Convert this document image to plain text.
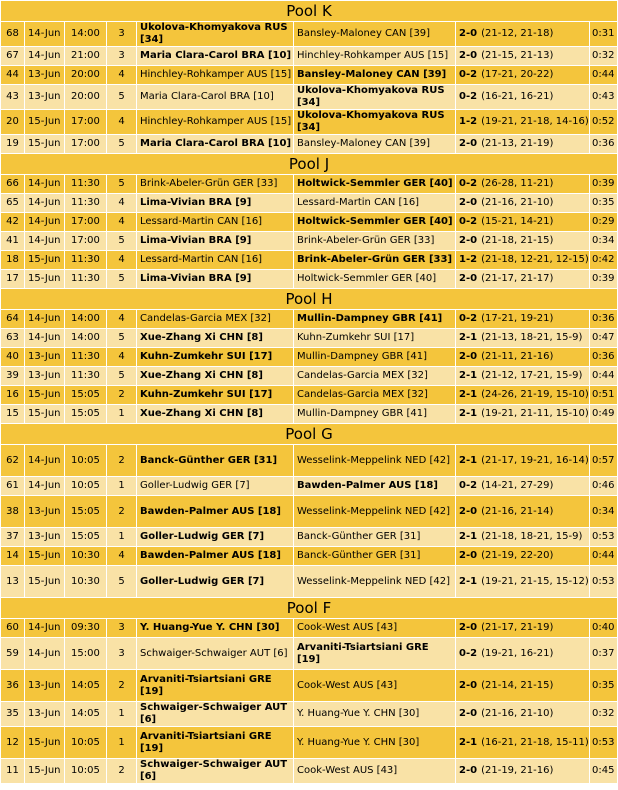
Pool K							
68	14-Jun	14:00	3	Ukolova-Khomyakova RUS [34]	Bansley-Maloney CAN [39]	2-0 (21-12, 21-18)	0:31
67	14-Jun	21:00	3	Maria Clara-Carol BRA [10]	Hinchley-Rohkamper AUS [15]	2-0 (21-15, 21-13)	0:32
44	13-Jun	20:00	4	Hinchley-Rohkamper AUS [15]	Bansley-Maloney CAN [39]	0-2 (17-21, 20-22)	0:44
43	13-Jun	20:00	5	Maria Clara-Carol BRA [10]	Ukolova-Khomyakova RUS [34]	0-2 (16-21, 16-21)	0:43
20	15-Jun	17:00	4	Hinchley-Rohkamper AUS [15]	Ukolova-Khomyakova RUS [34]	1-2 (19-21, 21-18, 14-16)	0:52
19	15-Jun	17:00	5	Maria Clara-Carol BRA [10]	Bansley-Maloney CAN [39]	2-0 (21-13, 21-19)	0:36
Pool J							
66	14-Jun	11:30	5	Brink-Abeler-Grün GER [33]	Holtwick-Semmler GER [40]	0-2 (26-28, 11-21)	0:39
65	14-Jun	11:30	4	Lima-Vivian BRA [9]	Lessard-Martin CAN [16]	2-0 (21-16, 21-10)	0:35
42	14-Jun	17:00	4	Lessard-Martin CAN [16]	Holtwick-Semmler GER [40]	0-2 (15-21, 14-21)	0:29
41	14-Jun	17:00	5	Lima-Vivian BRA [9]	Brink-Abeler-Grün GER [33]	2-0 (21-18, 21-15)	0:34
18	15-Jun	11:30	4	Lessard-Martin CAN [16]	Brink-Abeler-Grün GER [33]	1-2 (21-18, 12-21, 12-15)	0:42
17	15-Jun	11:30	5	Lima-Vivian BRA [9]	Holtwick-Semmler GER [40]	2-0 (21-17, 21-17)	0:39
Pool H							
64	14-Jun	14:00	4	Candelas-Garcia MEX [32]	Mullin-Dampney GBR [41]	0-2 (17-21, 19-21)	0:36
63	14-Jun	14:00	5	Xue-Zhang Xi CHN [8]	Kuhn-Zumkehr SUI [17]	2-1 (21-13, 18-21, 15-9)	0:47
40	13-Jun	11:30	4	Kuhn-Zumkehr SUI [17]	Mullin-Dampney GBR [41]	2-0 (21-11, 21-16)	0:36
39	13-Jun	11:30	5	Xue-Zhang Xi CHN [8]	Candelas-Garcia MEX [32]	2-1 (21-12, 17-21, 15-9)	0:44
16	15-Jun	15:05	2	Kuhn-Zumkehr SUI [17]	Candelas-Garcia MEX [32]	2-1 (24-26, 21-19, 15-10)	0:51
15	15-Jun	15:05	1	Xue-Zhang Xi CHN [8]	Mullin-Dampney GBR [41]	2-1 (19-21, 21-11, 15-10)	0:49
Pool G							
62	14-Jun	10:05	2	Banck-Günther GER [31]	Wesselink-Meppelink NED [42]	2-1 (21-17, 19-21, 16-14)	0:57
61	14-Jun	10:05	1	Goller-Ludwig GER [7]	Bawden-Palmer AUS [18]	0-2 (14-21, 27-29)	0:46
38	13-Jun	15:05	2	Bawden-Palmer AUS [18]	Wesselink-Meppelink NED [42]	2-0 (21-16, 21-14)	0:34
37	13-Jun	15:05	1	Goller-Ludwig GER [7]	Banck-Günther GER [31]	2-1 (21-18, 18-21, 15-9)	0:53
14	15-Jun	10:30	4	Bawden-Palmer AUS [18]	Banck-Günther GER [31]	2-0 (21-19, 22-20)	0:44
13	15-Jun	10:30	5	Goller-Ludwig GER [7]	Wesselink-Meppelink NED [42]	2-1 (19-21, 21-15, 15-12)	0:53
Pool F							
60	14-Jun	09:30	3	Y. Huang-Yue Y. CHN [30]	Cook-West AUS [43]	2-0 (21-17, 21-19)	0:40
59	14-Jun	15:00	3	Schwaiger-Schwaiger AUT [6]	Arvaniti-Tsiartsiani GRE [19]	0-2 (19-21, 16-21)	0:37
36	13-Jun	14:05	2	Arvaniti-Tsiartsiani GRE [19]	Cook-West AUS [43]	2-0 (21-14, 21-15)	0:35
35	13-Jun	14:05	1	Schwaiger-Schwaiger AUT [6]	Y. Huang-Yue Y. CHN [30]	2-0 (21-16, 21-10)	0:32
12	15-Jun	10:05	1	Arvaniti-Tsiartsiani GRE [19]	Y. Huang-Yue Y. CHN [30]	2-1 (16-21, 21-18, 15-11)	0:53
11	15-Jun	10:05	2	Schwaiger-Schwaiger AUT [6]	Cook-West AUS [43]	2-0 (21-19, 21-16)	0:45
